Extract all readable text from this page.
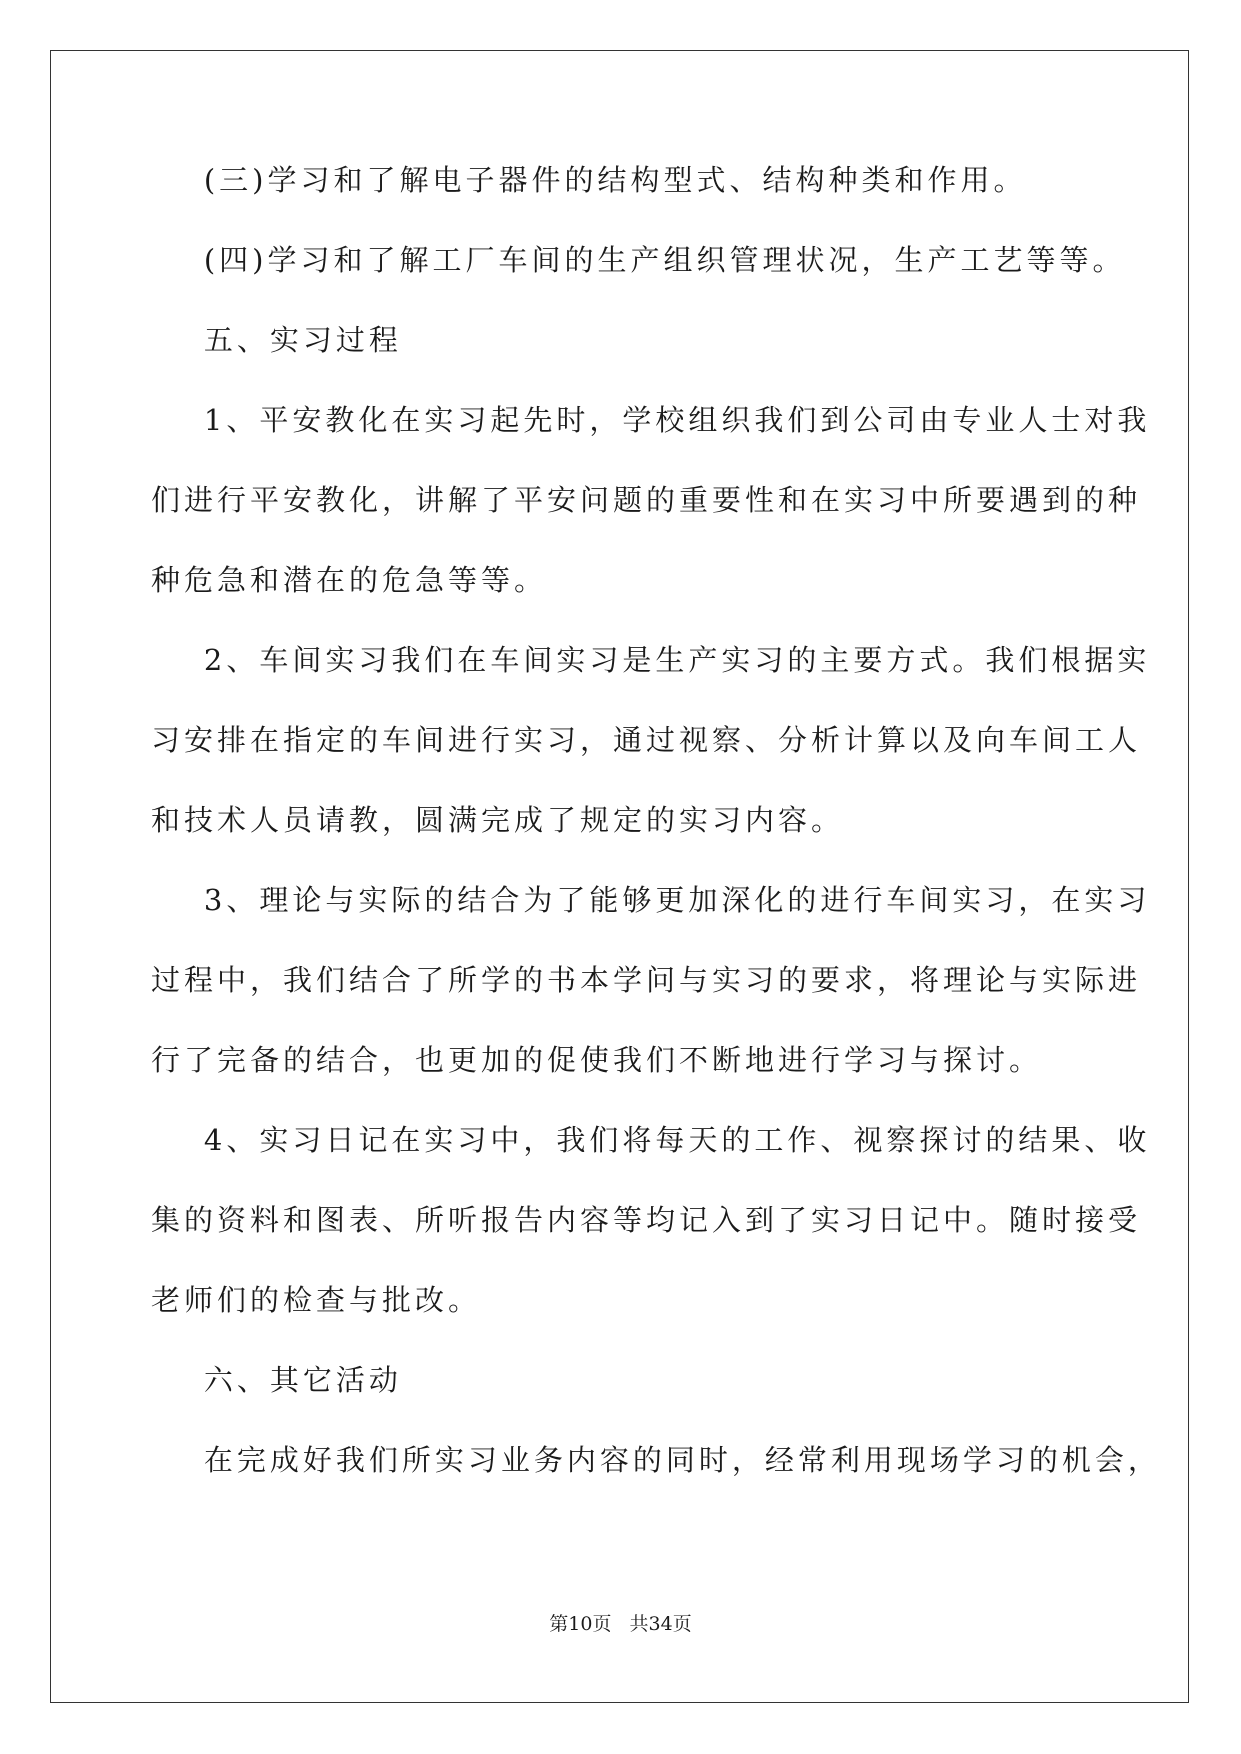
(三)学习和了解电子器件的结构型式、结构种类和作用。
(四)学习和了解工厂车间的生产组织管理状况，生产工艺等等。
五、实习过程
1、平安教化在实习起先时，学校组织我们到公司由专业人士对我
们进行平安教化，讲解了平安问题的重要性和在实习中所要遇到的种
种危急和潜在的危急等等。
2、车间实习我们在车间实习是生产实习的主要方式。我们根据实
习安排在指定的车间进行实习，通过视察、分析计算以及向车间工人
和技术人员请教，圆满完成了规定的实习内容。
3、理论与实际的结合为了能够更加深化的进行车间实习，在实习
过程中，我们结合了所学的书本学问与实习的要求，将理论与实际进
行了完备的结合，也更加的促使我们不断地进行学习与探讨。
4、实习日记在实习中，我们将每天的工作、视察探讨的结果、收
集的资料和图表、所听报告内容等均记入到了实习日记中。随时接受
老师们的检查与批改。
六、其它活动
在完成好我们所实习业务内容的同时，经常利用现场学习的机会，
第10页 共34页
